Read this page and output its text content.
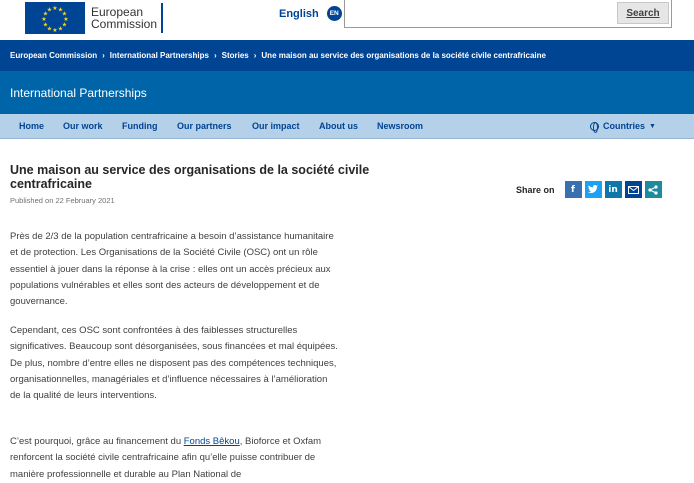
★ ★
★
★
★
★
★
★
★
★
★
★	European
Commission
English	EN	Search
European Commission › International Partnerships › Stories › Une maison au service des organisations de la société civile centrafricaine
International Partnerships
Home Our work Funding Our partners Our impact About us Newsroom	Countries ▼
Une maison au service des organisations de la société civile centrafricaine
Published on 22 February 2021
Share on	f	in

Près de 2/3 de la population centrafricaine a besoin d’assistance humanitaire et de protection. Les Organisations de la Société Civile (OSC) ont un rôle essentiel à jouer dans la réponse à la crise : elles ont un accès précieux aux populations vulnérables et elles sont des acteurs de développement et de gouvernance.

Cependant, ces OSC sont confrontées à des faiblesses structurelles significatives. Beaucoup sont désorganisées, sous financées et mal équipées. De plus, nombre d’entre elles ne disposent pas des compétences techniques, organisationnelles, managériales et d’influence nécessaires à l’amélioration de la qualité de leurs interventions.

C’est pourquoi, grâce au financement du Fonds Bêkou, Bioforce et Oxfam renforcent la société civile centrafricaine afin qu’elle puisse contribuer de manière professionnelle et durable au Plan National de
